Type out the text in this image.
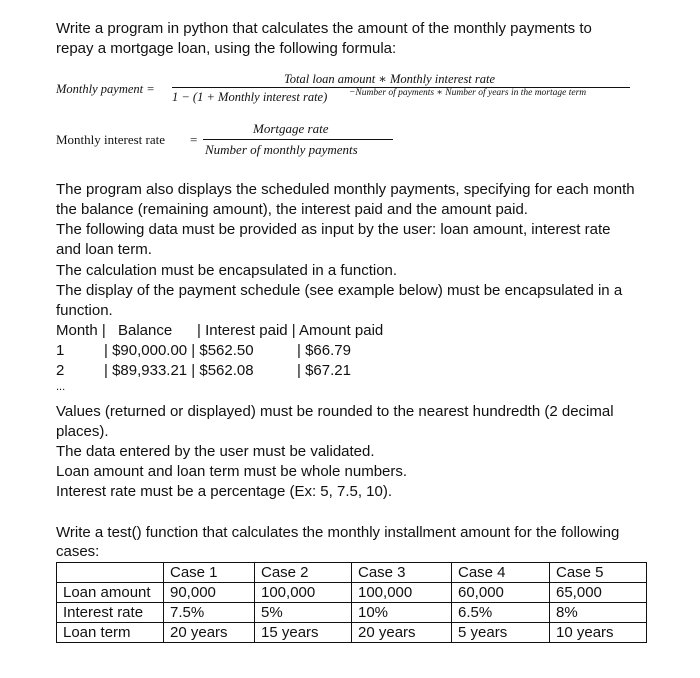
Write a program in python that calculates the amount of the monthly payments to
repay a mortgage loan, using the following formula:
Monthly payment =
Total loan amount ∗ Monthly interest rate
1 − (1 + Monthly interest rate) −Number of payments ∗ Number of years in the mortage term
Monthly interest rate =
Mortgage rate
Number of monthly payments
The program also displays the scheduled monthly payments, specifying for each month
the balance (remaining amount), the interest paid and the amount paid.
The following data must be provided as input by the user: loan amount, interest rate
and loan term.
The calculation must be encapsulated in a function.
The display of the payment schedule (see example below) must be encapsulated in a
function.
Month | Balance | Interest paid | Amount paid
1	| $90,000.00 | $562.50	| $66.79
2	| $89,933.21 | $562.08	| $67.21
...
Values (returned or displayed) must be rounded to the nearest hundredth (2 decimal
places).
The data entered by the user must be validated.
Loan amount and loan term must be whole numbers.
Interest rate must be a percentage (Ex: 5, 7.5, 10).
Write a test() function that calculates the monthly installment amount for the following
cases:
	Case 1	Case 2	Case 3	Case 4	Case 5
Loan amount	90,000	100,000	100,000	60,000	65,000
Interest rate	7.5%	5%	10%	6.5%	8%
Loan term	20 years	15 years	20 years	5 years	10 years
